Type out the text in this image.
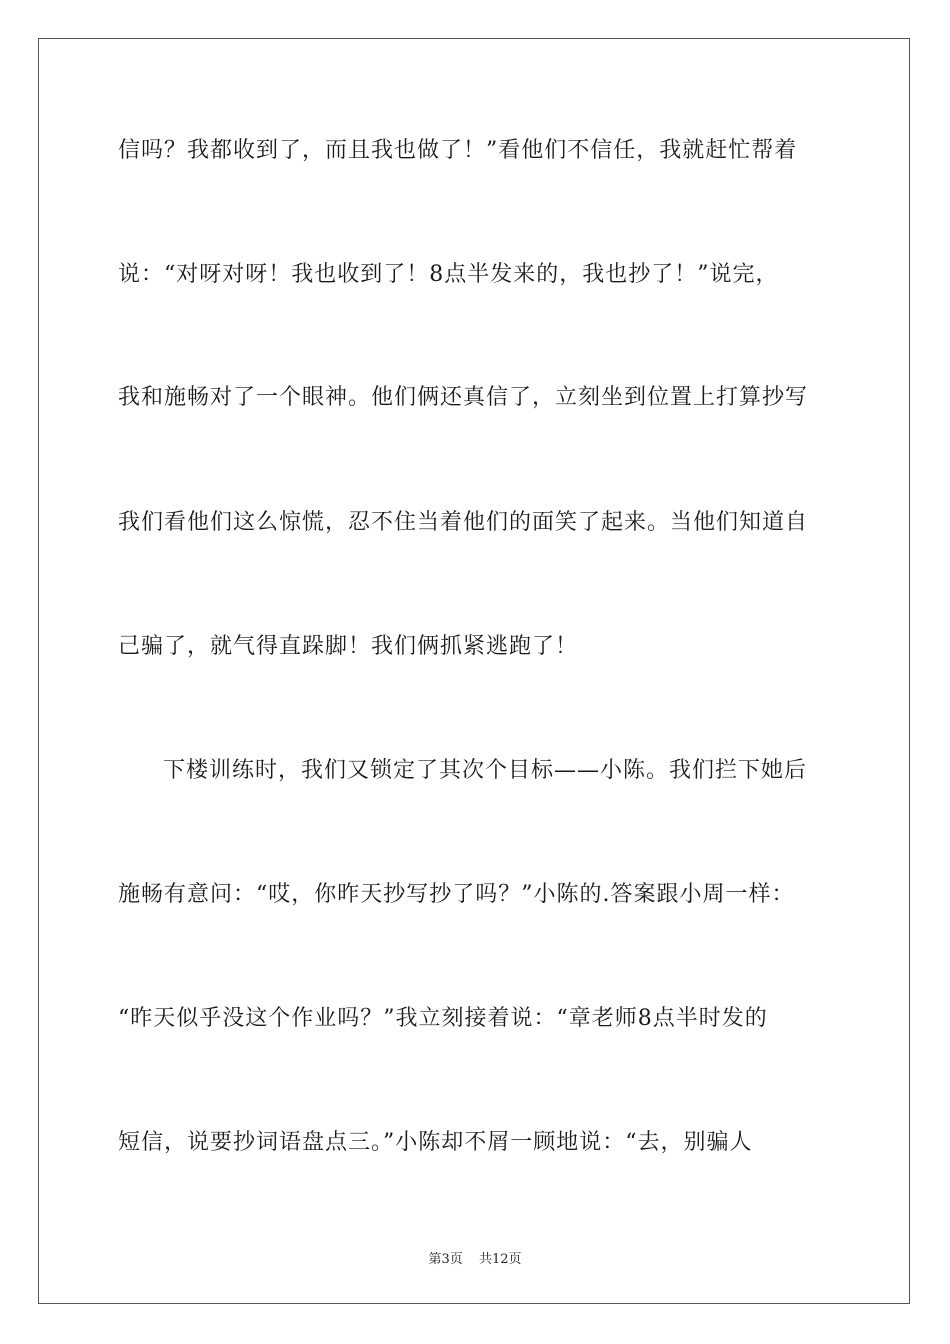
信吗？我都收到了，而且我也做了！”看他们不信任，我就赶忙帮着
说：“对呀对呀！我也收到了！8点半发来的，我也抄了！”说完，
我和施畅对了一个眼神。他们俩还真信了，立刻坐到位置上打算抄写
我们看他们这么惊慌，忍不住当着他们的面笑了起来。当他们知道自
己骗了，就气得直跺脚！我们俩抓紧逃跑了！
下楼训练时，我们又锁定了其次个目标——小陈。我们拦下她后
施畅有意问：“哎，你昨天抄写抄了吗？”小陈的.答案跟小周一样：
“昨天似乎没这个作业吗？”我立刻接着说：“章老师8点半时发的
短信，说要抄词语盘点三。”小陈却不屑一顾地说：“去，别骗人
第3页 共12页
